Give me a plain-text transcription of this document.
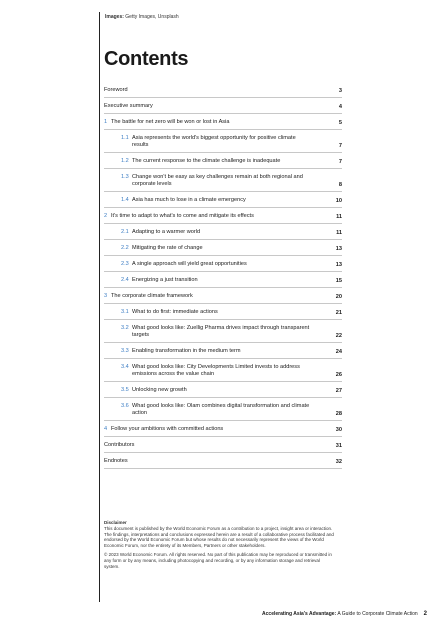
Images: Getty Images, Unsplash
Contents
Foreword	3
Executive summary	4
1 The battle for net zero will be won or lost in Asia	5
1.1 Asia represents the world's biggest opportunity for positive climate results	7
1.2 The current response to the climate challenge is inadequate	7
1.3 Change won't be easy as key challenges remain at both regional and corporate levels	8
1.4 Asia has much to lose in a climate emergency	10
2 It's time to adapt to what's to come and mitigate its effects	11
2.1 Adapting to a warmer world	11
2.2 Mitigating the rate of change	13
2.3 A single approach will yield great opportunities	13
2.4 Energizing a just transition	15
3 The corporate climate framework	20
3.1 What to do first: immediate actions	21
3.2 What good looks like: Zuellig Pharma drives impact through transparent targets	22
3.3 Enabling transformation in the medium term	24
3.4 What good looks like: City Developments Limited invests to address emissions across the value chain	26
3.5 Unlocking new growth	27
3.6 What good looks like: Olam combines digital transformation and climate action	28
4 Follow your ambitions with committed actions	30
Contributors	31
Endnotes	32
Disclaimer

This document is published by the World Economic Forum as a contribution to a project, insight area or interaction. The findings, interpretations and conclusions expressed herein are a result of a collaborative process facilitated and endorsed by the World Economic Forum but whose results do not necessarily represent the views of the World Economic Forum, nor the entirety of its Members, Partners or other stakeholders.

© 2023 World Economic Forum. All rights reserved. No part of this publication may be reproduced or transmitted in any form or by any means, including photocopying and recording, or by any information storage and retrieval system.

Accelerating Asia's Advantage: A Guide to Corporate Climate Action 2
